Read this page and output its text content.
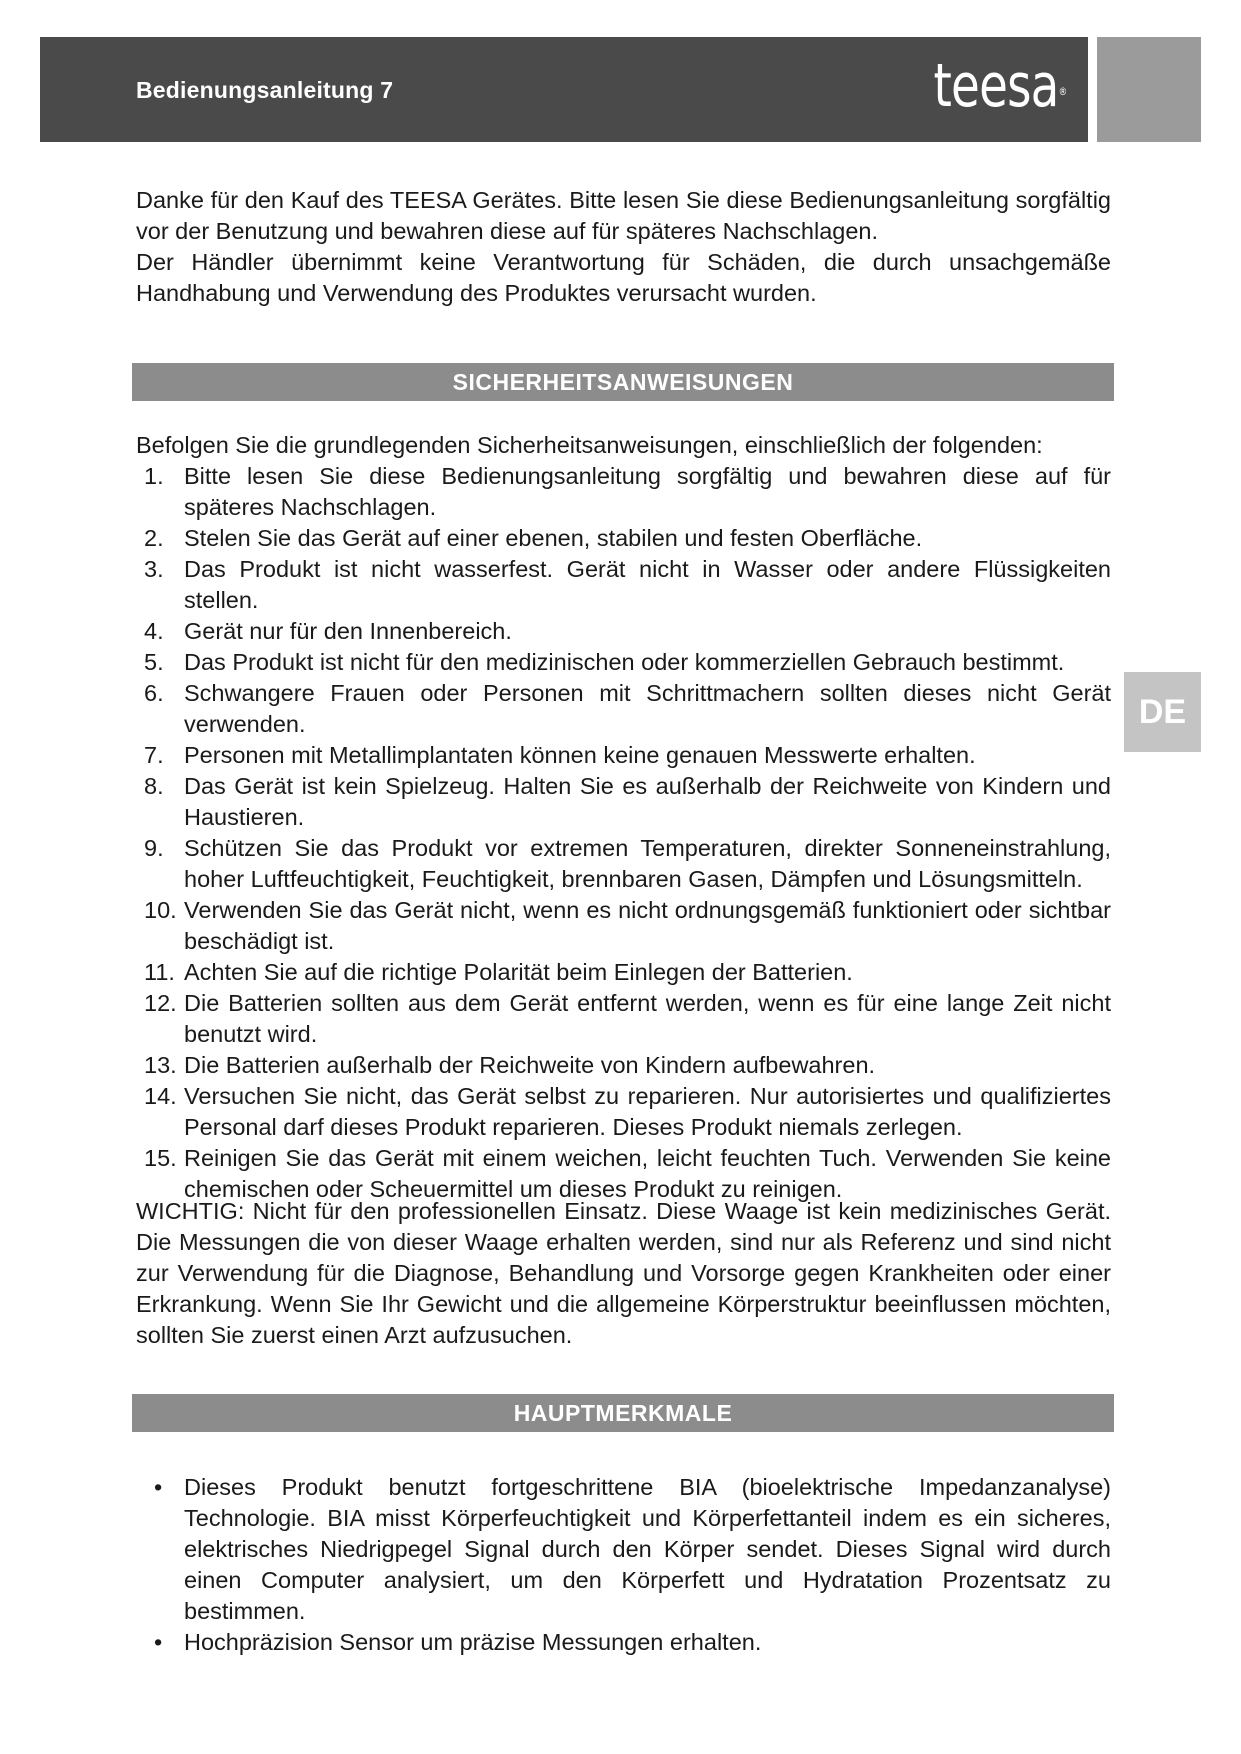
Bedienungsanleitung 7	teesa®
DE

Danke für den Kauf des TEESA Gerätes. Bitte lesen Sie diese Bedienungsanleitung sorgfältig vor der Benutzung und bewahren diese auf für späteres Nachschlagen.

Der Händler übernimmt keine Verantwortung für Schäden, die durch unsachgemäße Handhabung und Verwendung des Produktes verursacht wurden.

SICHERHEITSANWEISUNGEN

Befolgen Sie die grundlegenden Sicherheitsanweisungen, einschließlich der folgenden:

1. Bitte lesen Sie diese Bedienungsanleitung sorgfältig und bewahren diese auf für späteres Nachschlagen.
2. Stelen Sie das Gerät auf einer ebenen, stabilen und festen Oberfläche.
3. Das Produkt ist nicht wasserfest. Gerät nicht in Wasser oder andere Flüssigkeiten stellen.
4. Gerät nur für den Innenbereich.
5. Das Produkt ist nicht für den medizinischen oder kommerziellen Gebrauch bestimmt.
6. Schwangere Frauen oder Personen mit Schrittmachern sollten dieses nicht Gerät verwenden.
7. Personen mit Metallimplantaten können keine genauen Messwerte erhalten.
8. Das Gerät ist kein Spielzeug. Halten Sie es außerhalb der Reichweite von Kindern und Haustieren.
9. Schützen Sie das Produkt vor extremen Temperaturen, direkter Sonneneinstrahlung, hoher Luftfeuchtigkeit, Feuchtigkeit, brennbaren Gasen, Dämpfen und Lösungsmitteln.
10. Verwenden Sie das Gerät nicht, wenn es nicht ordnungsgemäß funktioniert oder sichtbar beschädigt ist.
11. Achten Sie auf die richtige Polarität beim Einlegen der Batterien.
12. Die Batterien sollten aus dem Gerät entfernt werden, wenn es für eine lange Zeit nicht benutzt wird.
13. Die Batterien außerhalb der Reichweite von Kindern aufbewahren.
14. Versuchen Sie nicht, das Gerät selbst zu reparieren. Nur autorisiertes und qualifiziertes Personal darf dieses Produkt reparieren. Dieses Produkt niemals zerlegen.
15. Reinigen Sie das Gerät mit einem weichen, leicht feuchten Tuch. Verwenden Sie keine chemischen oder Scheuermittel um dieses Produkt zu reinigen.

WICHTIG: Nicht für den professionellen Einsatz. Diese Waage ist kein medizinisches Gerät. Die Messungen die von dieser Waage erhalten werden, sind nur als Referenz und sind nicht zur Verwendung für die Diagnose, Behandlung und Vorsorge gegen Krankheiten oder einer Erkrankung. Wenn Sie Ihr Gewicht und die allgemeine Körperstruktur beeinflussen möchten, sollten Sie zuerst einen Arzt aufzusuchen.

HAUPTMERKMALE
• Dieses Produkt benutzt fortgeschrittene BIA (bioelektrische Impedanzanalyse) Technologie. BIA misst Körperfeuchtigkeit und Körperfettanteil indem es ein sicheres, elektrisches Niedrigpegel Signal durch den Körper sendet. Dieses Signal wird durch einen Computer analysiert, um den Körperfett und Hydratation Prozentsatz zu bestimmen.
• Hochpräzision Sensor um präzise Messungen erhalten.
